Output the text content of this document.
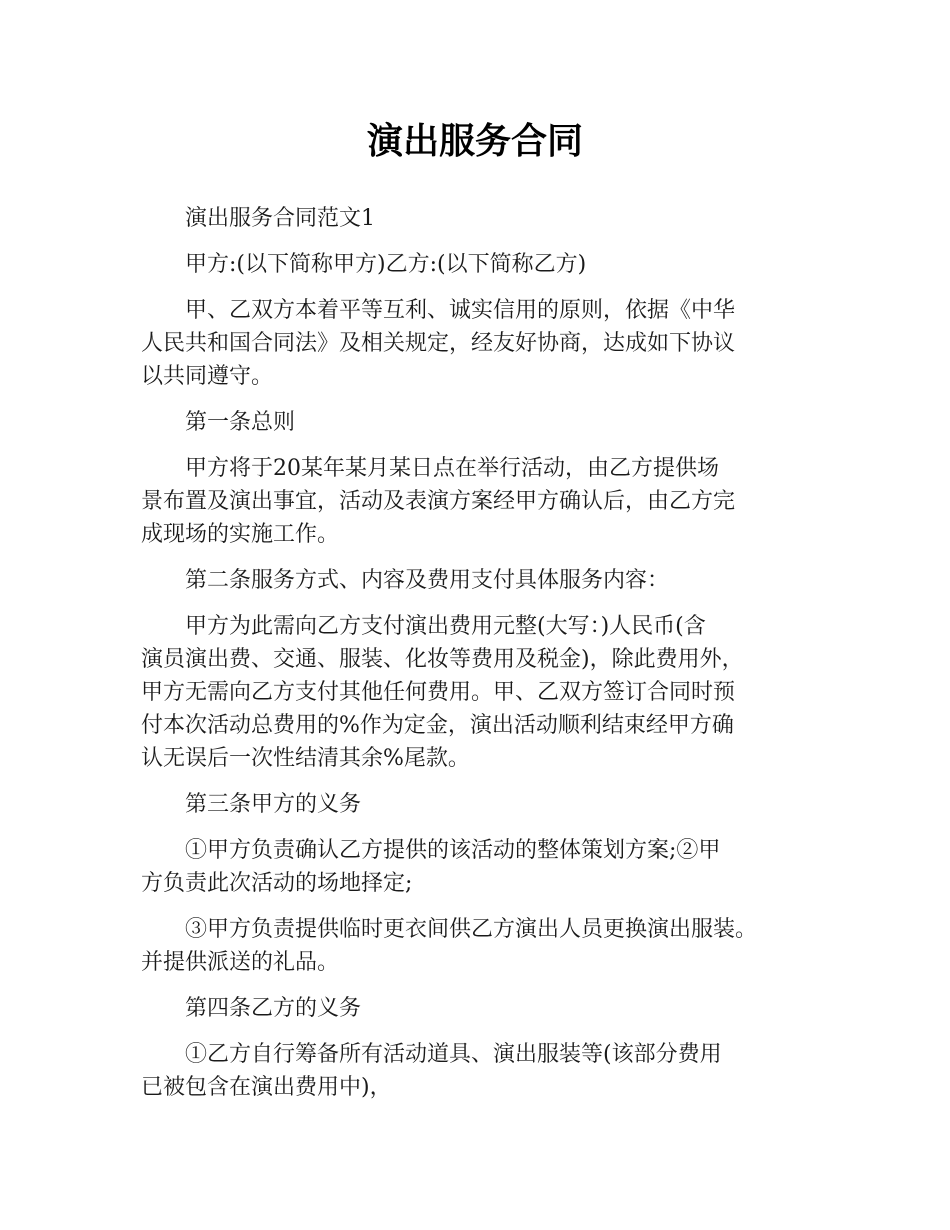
演出服务合同

演出服务合同范文1

甲方:(以下简称甲方)乙方:(以下简称乙方)

甲、乙双方本着平等互利、诚实信用的原则，依据《中华
人民共和国合同法》及相关规定，经友好协商，达成如下协议
以共同遵守。

第一条总则

甲方将于20某年某月某日点在举行活动，由乙方提供场
景布置及演出事宜，活动及表演方案经甲方确认后，由乙方完
成现场的实施工作。

第二条服务方式、内容及费用支付具体服务内容：

甲方为此需向乙方支付演出费用元整(大写：)人民币(含
演员演出费、交通、服装、化妆等费用及税金)，除此费用外，
甲方无需向乙方支付其他任何费用。甲、乙双方签订合同时预
付本次活动总费用的%作为定金，演出活动顺利结束经甲方确
认无误后一次性结清其余%尾款。

第三条甲方的义务

①甲方负责确认乙方提供的该活动的整体策划方案;②甲
方负责此次活动的场地择定;

③甲方负责提供临时更衣间供乙方演出人员更换演出服装。
并提供派送的礼品。

第四条乙方的义务

①乙方自行筹备所有活动道具、演出服装等(该部分费用
已被包含在演出费用中)，
